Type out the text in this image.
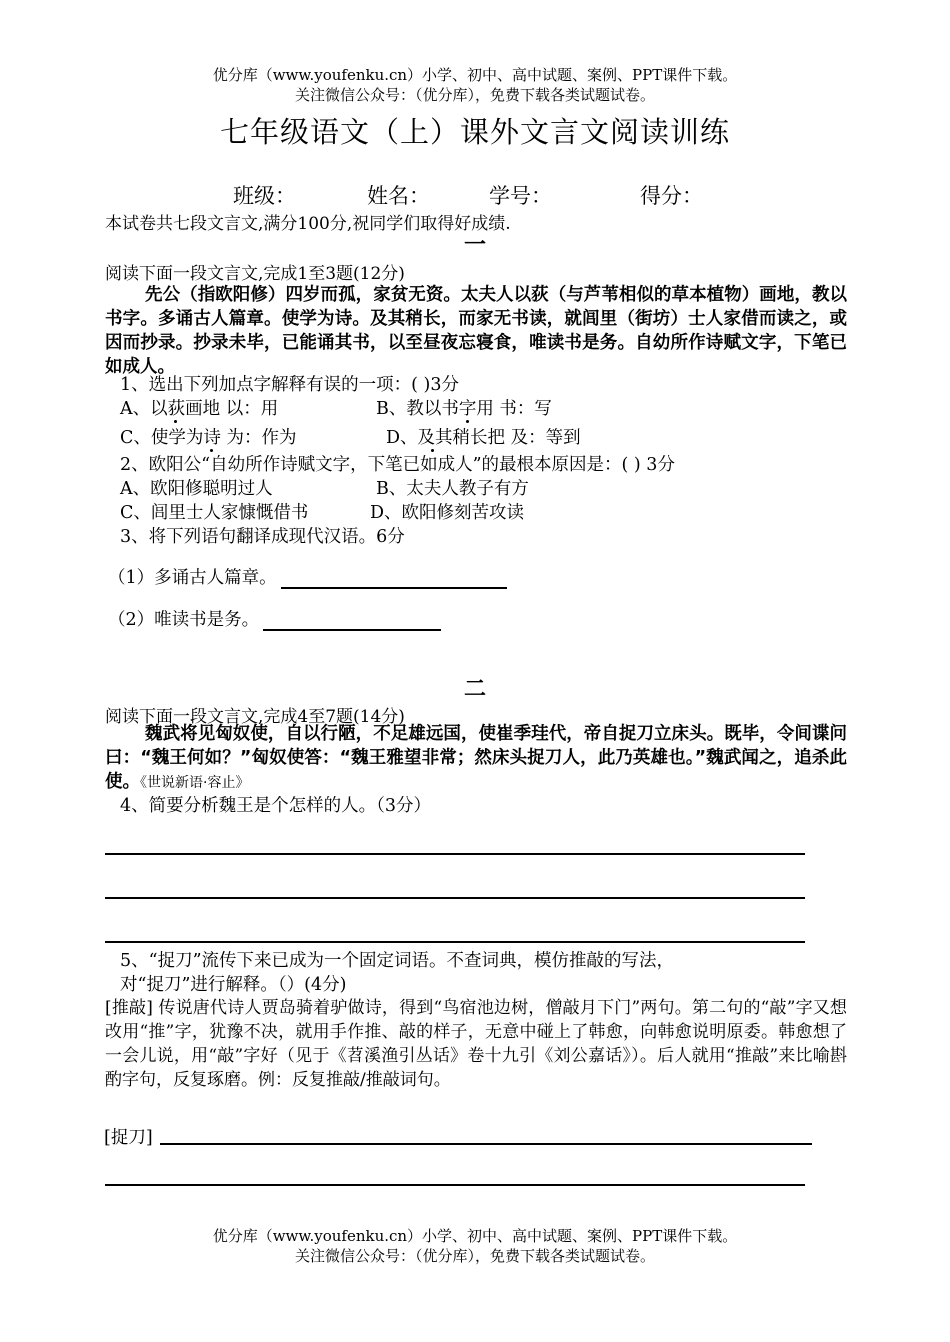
优分库（www.youfenku.cn）小学、初中、高中试题、案例、PPT课件下载。
关注微信公众号：（优分库），免费下载各类试题试卷。
七年级语文（上）课外文言文阅读训练
班级：	姓名：	学号：	得分：
本试卷共七段文言文,满分100分,祝同学们取得好成绩.
一
阅读下面一段文言文,完成1至3题(12分)
先公（指欧阳修）四岁而孤，家贫无资。太夫人以荻（与芦苇相似的草本植物）画地，教以书字。多诵古人篇章。使学为诗。及其稍长，而家无书读，就闾里（街坊）士人家借而读之，或因而抄录。抄录未毕，已能诵其书，以至昼夜忘寝食，唯读书是务。自幼所作诗赋文字，下笔已如成人。
1、选出下列加点字解释有误的一项：( )3分
A、以荻画地 以：用	B、教以书字用 书：写
C、使学为诗 为：作为	D、及其稍长把 及：等到
2、欧阳公“自幼所作诗赋文字，下笔已如成人”的最根本原因是：( ) 3分
A、欧阳修聪明过人	B、太夫人教子有方
C、闾里士人家慷慨借书	D、欧阳修刻苦攻读
3、将下列语句翻译成现代汉语。6分
（1）多诵古人篇章。
（2）唯读书是务。
二
阅读下面一段文言文,完成4至7题(14分)
魏武将见匈奴使，自以行陋，不足雄远国，使崔季珪代，帝自捉刀立床头。既毕，令间谍问曰：“魏王何如？”匈奴使答：“魏王雅望非常；然床头捉刀人，此乃英雄也。”魏武闻之，追杀此使。《世说新语·容止》
4、简要分析魏王是个怎样的人。（3分）
5、“捉刀”流传下来已成为一个固定词语。不查词典，模仿推敲的写法，
对“捉刀”进行解释。（）(4分)
[推敲] 传说唐代诗人贾岛骑着驴做诗，得到“鸟宿池边树，僧敲月下门”两句。第二句的“敲”字又想改用“推”字，犹豫不决，就用手作推、敲的样子，无意中碰上了韩愈，向韩愈说明原委。韩愈想了一会儿说，用“敲”字好（见于《苕溪渔引丛话》卷十九引《刘公嘉话》）。后人就用“推敲”来比喻斟酌字句，反复琢磨。例：反复推敲/推敲词句。
[捉刀]
优分库（www.youfenku.cn）小学、初中、高中试题、案例、PPT课件下载。
关注微信公众号：（优分库），免费下载各类试题试卷。
